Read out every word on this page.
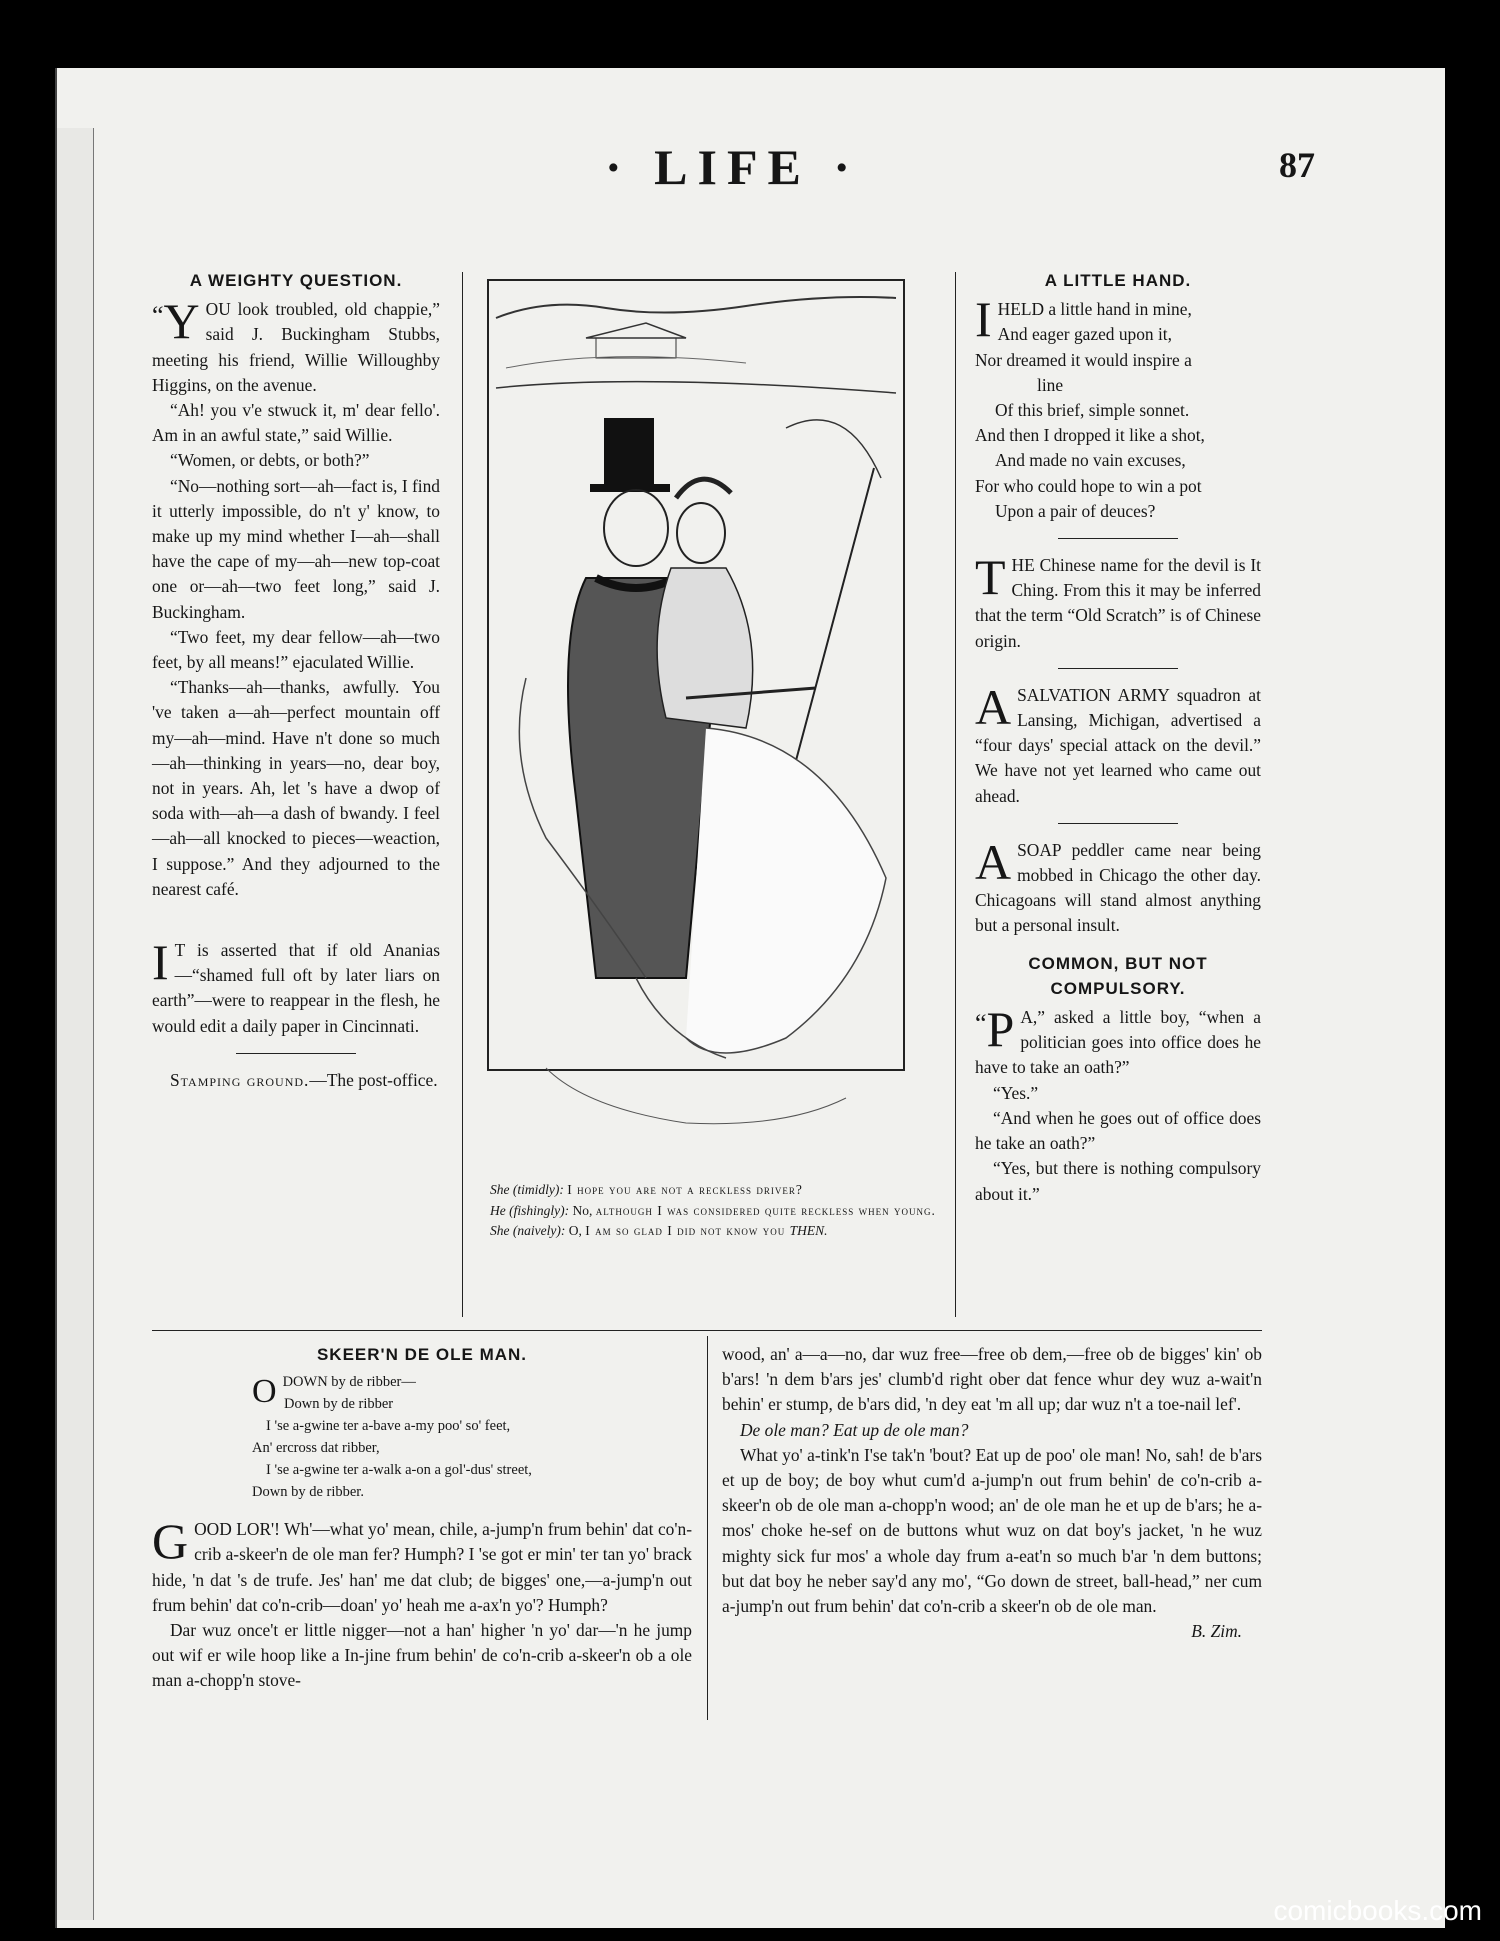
· LIFE ·	87
A WEIGHTY QUESTION.

“ Y OU look troubled, old chappie,” said J. Buckingham Stubbs, meeting his friend, Willie Willoughby Higgins, on the avenue.

“Ah! you v'e stwuck it, m' dear fello'. Am in an awful state,” said Willie.

“Women, or debts, or both?”

“No—nothing sort—ah—fact is, I find it utterly impossible, do n't y' know, to make up my mind whether I—ah—shall have the cape of my—ah—new top-coat one or—ah—two feet long,” said J. Buckingham.

“Two feet, my dear fellow—ah—two feet, by all means!” ejaculated Willie.

“Thanks—ah—thanks, awfully. You 've taken a—ah—perfect mountain off my—ah—mind. Have n't done so much—ah—thinking in years—no, dear boy, not in years. Ah, let 's have a dwop of soda with—ah—a dash of bwandy. I feel—ah—all knocked to pieces—weaction, I suppose.” And they adjourned to the nearest café.

I T is asserted that if old Ananias—“shamed full oft by later liars on earth”—were to reappear in the flesh, he would edit a daily paper in Cincinnati.

Stamping ground.—The post-office.

She (timidly): I hope you are not a reckless driver?

He (fishingly): No, although I was considered quite reckless when young.

She (naively): O, I am so glad I did not know you THEN.

A LITTLE HAND.
IHELD a little hand in mine,
And eager gazed upon it,
Nor dreamed it would inspire a
line
Of this brief, simple sonnet.
And then I dropped it like a shot,
And made no vain excuses,
For who could hope to win a pot
Upon a pair of deuces?

THE Chinese name for the devil is It Ching. From this it may be inferred that the term “Old Scratch” is of Chinese origin.

ASALVATION ARMY squadron at Lansing, Michigan, advertised a “four days' special attack on the devil.” We have not yet learned who came out ahead.

ASOAP peddler came near being mobbed in Chicago the other day. Chicagoans will stand almost anything but a personal insult.

COMMON, BUT NOT COMPULSORY.

“ P A,” asked a little boy, “when a politician goes into office does he have to take an oath?”

“Yes.”

“And when he goes out of office does he take an oath?”

“Yes, but there is nothing compulsory about it.”

SKEER'N DE OLE MAN.
ODOWN by de ribber—
Down by de ribber
I 'se a-gwine ter a-bave a-my poo' so' feet,
An' ercross dat ribber,
I 'se a-gwine ter a-walk a-on a gol'-dus' street,
Down by de ribber.

GOOD LOR'! Wh'—what yo' mean, chile, a-jump'n frum behin' dat co'n-crib a-skeer'n de ole man fer? Humph? I 'se got er min' ter tan yo' brack hide, 'n dat 's de trufe. Jes' han' me dat club; de bigges' one,—a-jump'n out frum behin' dat co'n-crib—doan' yo' heah me a-ax'n yo'? Humph?

Dar wuz once't er little nigger—not a han' higher 'n yo' dar—'n he jump out wif er wile hoop like a In-jine frum behin' de co'n-crib a-skeer'n ob a ole man a-chopp'n stove-

wood, an' a—a—no, dar wuz free—free ob dem,—free ob de bigges' kin' ob b'ars! 'n dem b'ars jes' clumb'd right ober dat fence whur dey wuz a-wait'n behin' er stump, de b'ars did, 'n dey eat 'm all up; dar wuz n't a toe-nail lef'.

De ole man? Eat up de ole man?

What yo' a-tink'n I'se tak'n 'bout? Eat up de poo' ole man! No, sah! de b'ars et up de boy; de boy whut cum'd a-jump'n out frum behin' de co'n-crib a-skeer'n ob de ole man a-chopp'n wood; an' de ole man he et up de b'ars; he a-mos' choke he-sef on de buttons whut wuz on dat boy's jacket, 'n he wuz mighty sick fur mos' a whole day frum a-eat'n so much b'ar 'n dem buttons; but dat boy he neber say'd any mo', “Go down de street, ball-head,” ner cum a-jump'n out frum behin' dat co'n-crib a skeer'n ob de ole man.

B. Zim.
comicbooks.com
